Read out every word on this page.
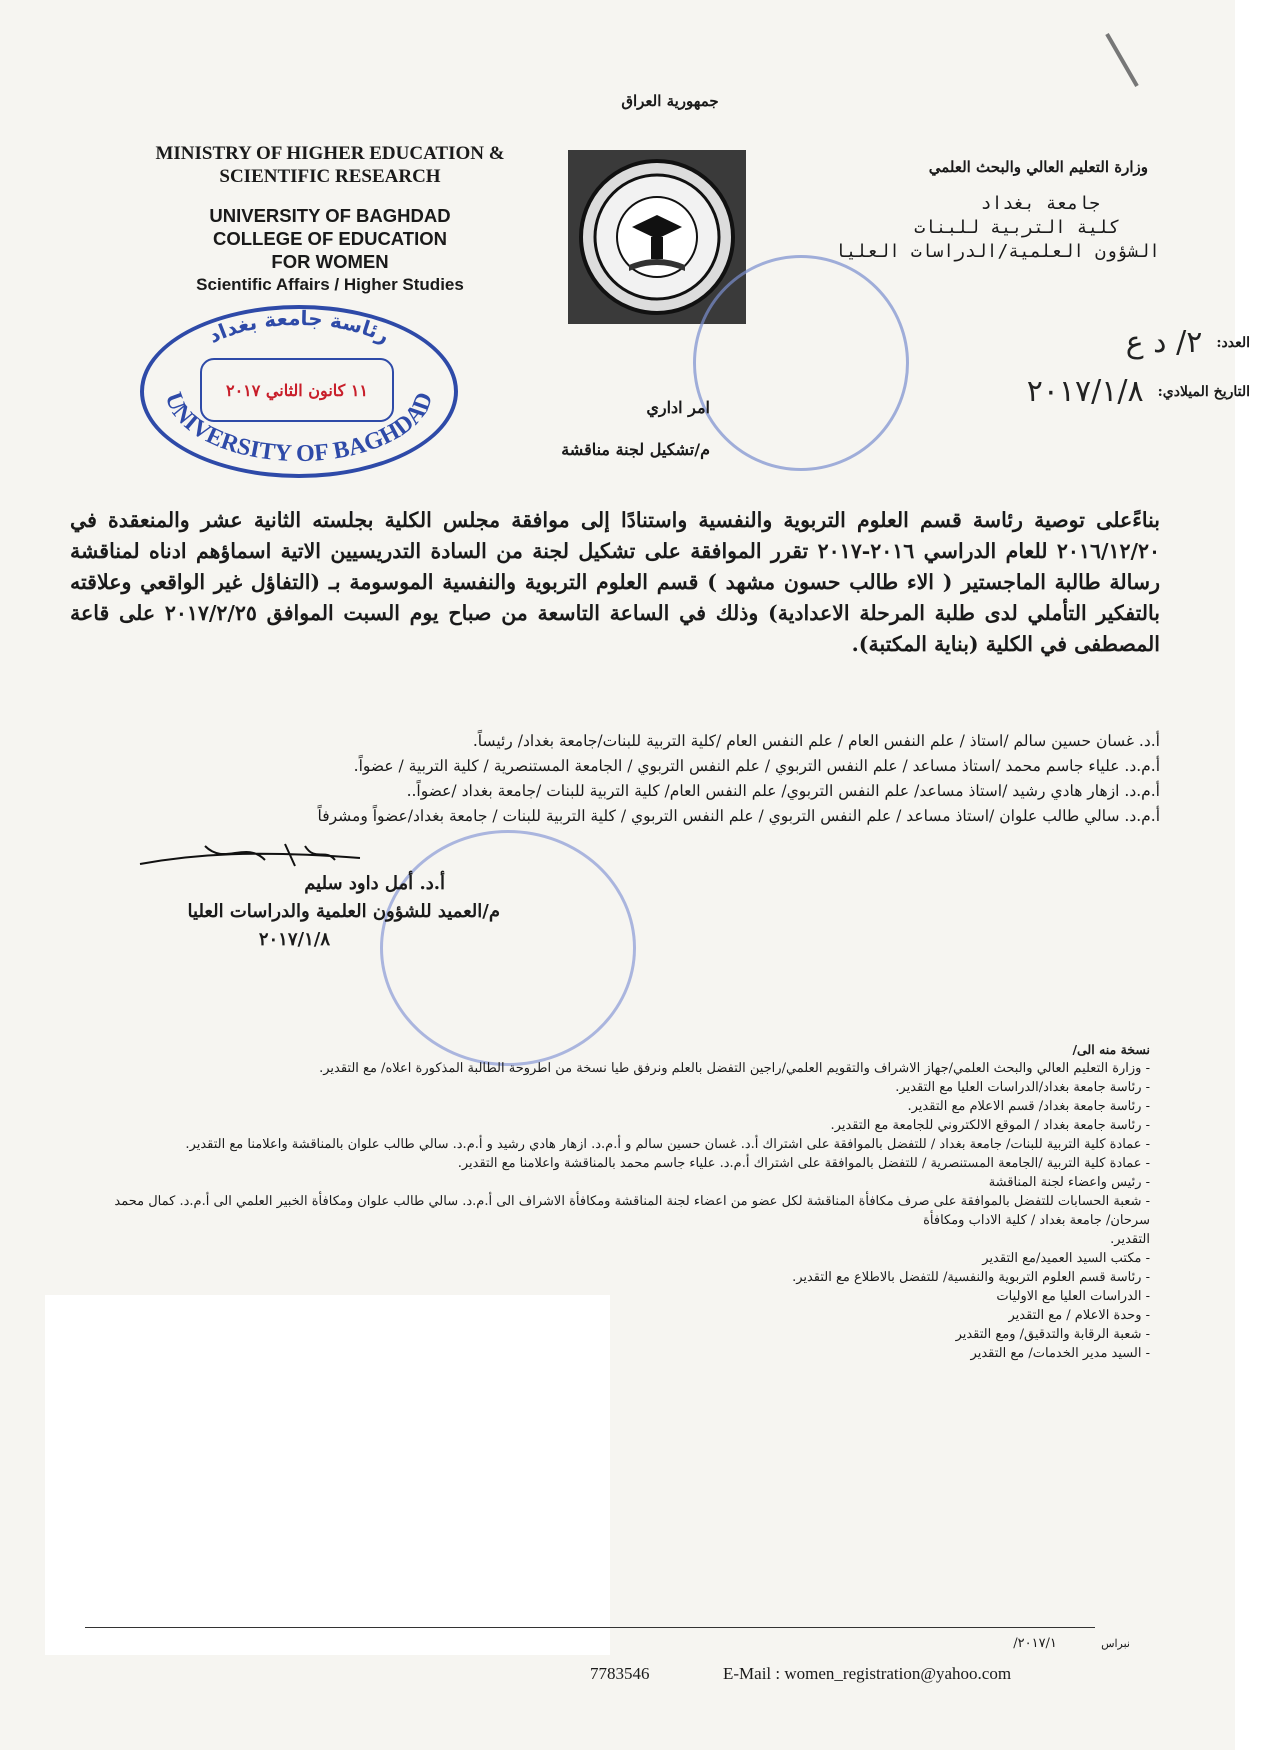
جمهورية العراق
MINISTRY OF HIGHER EDUCATION &
SCIENTIFIC RESEARCH
UNIVERSITY OF BAGHDAD
COLLEGE OF EDUCATION
FOR WOMEN
Scientific Affairs / Higher Studies
وزارة التعليم العالي والبحث العلمي
جامعة بغداد
كلية التربية للبنات
الشؤون العلمية/الدراسات العليا
العدد:
٢/ د ع
التاريخ الميلادي:
٢٠١٧/١/٨
رئاسة جامعة بغداد
UNIVERSITY OF BAGHDAD
١١ كانون الثاني ٢٠١٧
امر اداري
م/تشكيل لجنة مناقشة
بناءًعلى توصية رئاسة قسم العلوم التربوية والنفسية واستنادًا إلى موافقة مجلس الكلية بجلسته الثانية عشر والمنعقدة في ٢٠١٦/١٢/٢٠ للعام الدراسي ٢٠١٦-٢٠١٧ تقرر الموافقة على تشكيل لجنة من السادة التدريسيين الاتية اسماؤهم ادناه لمناقشة رسالة طالبة الماجستير ( الاء طالب حسون مشهد ) قسم العلوم التربوية والنفسية الموسومة بـ (التفاؤل غير الواقعي وعلاقته بالتفكير التأملي لدى طلبة المرحلة الاعدادية) وذلك في الساعة التاسعة من صباح يوم السبت الموافق ٢٠١٧/٢/٢٥ على قاعة المصطفى في الكلية (بناية المكتبة).
أ.د. غسان حسين سالم /استاذ / علم النفس العام / علم النفس العام /كلية التربية للبنات/جامعة بغداد/ رئيساً.
أ.م.د. علياء جاسم محمد /استاذ مساعد / علم النفس التربوي / علم النفس التربوي / الجامعة المستنصرية / كلية التربية / عضواً.
أ.م.د. ازهار هادي رشيد /استاذ مساعد/ علم النفس التربوي/ علم النفس العام/ كلية التربية للبنات /جامعة بغداد /عضواً..
أ.م.د. سالي طالب علوان /استاذ مساعد / علم النفس التربوي / علم النفس التربوي / كلية التربية للبنات / جامعة بغداد/عضواً ومشرفاً
أ.د. أمل داود سليم
م/العميد للشؤون العلمية والدراسات العليا
٢٠١٧/١/٨
نسخة منه الى/
- وزارة التعليم العالي والبحث العلمي/جهاز الاشراف والتقويم العلمي/راجين التفضل بالعلم ونرفق طيا نسخة من اطروحة الطالبة المذكورة اعلاه/ مع التقدير.
- رئاسة جامعة بغداد/الدراسات العليا مع التقدير.
- رئاسة جامعة بغداد/ قسم الاعلام مع التقدير.
- رئاسة جامعة بغداد / الموقع الالكتروني للجامعة مع التقدير.
- عمادة كلية التربية للبنات/ جامعة بغداد / للتفضل بالموافقة على اشتراك أ.د. غسان حسين سالم و أ.م.د. ازهار هادي رشيد و أ.م.د. سالي طالب علوان بالمناقشة واعلامنا مع التقدير.
- عمادة كلية التربية /الجامعة المستنصرية / للتفضل بالموافقة على اشتراك أ.م.د. علياء جاسم محمد بالمناقشة واعلامنا مع التقدير.
- رئيس واعضاء لجنة المناقشة
- شعبة الحسابات للتفضل بالموافقة على صرف مكافأة المناقشة لكل عضو من اعضاء لجنة المناقشة ومكافأة الاشراف الى أ.م.د. سالي طالب علوان ومكافأة الخبير العلمي الى أ.م.د. كمال محمد سرحان/ جامعة بغداد / كلية الاداب ومكافأة
التقدير.
- مكتب السيد العميد/مع التقدير
- رئاسة قسم العلوم التربوية والنفسية/ للتفضل بالاطلاع مع التقدير.
- الدراسات العليا مع الاوليات
- وحدة الاعلام / مع التقدير
- شعبة الرقابة والتدقيق/ ومع التقدير
- السيد مدير الخدمات/ مع التقدير
نبراس ٢٠١٧/١/
7783546	E-Mail : women_registration@yahoo.com
